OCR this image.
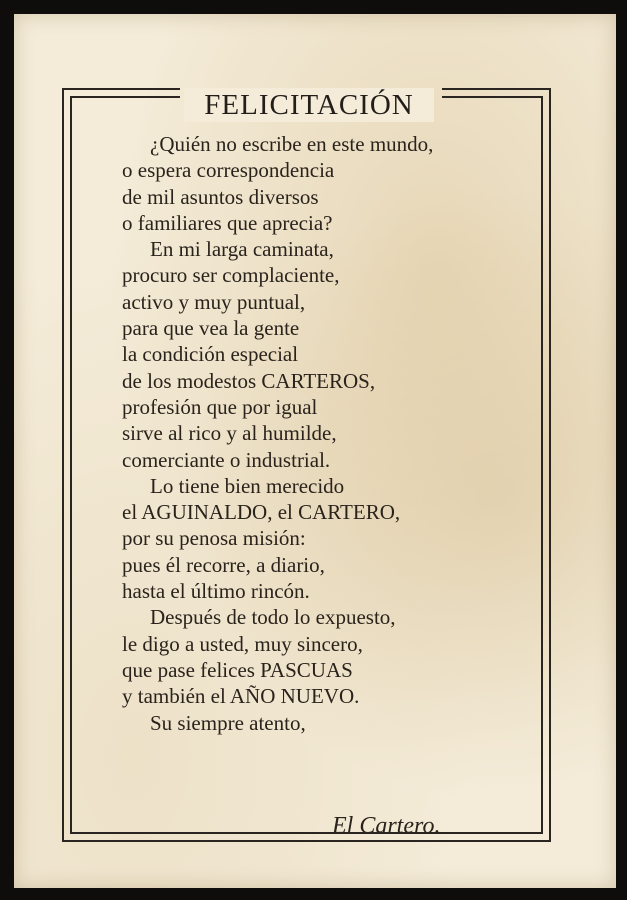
FELICITACIÓN
¿Quién no escribe en este mundo,
o espera correspondencia
de mil asuntos diversos
o familiares que aprecia?
En mi larga caminata,
procuro ser complaciente,
activo y muy puntual,
para que vea la gente
la condición especial
de los modestos CARTEROS,
profesión que por igual
sirve al rico y al humilde,
comerciante o industrial.
Lo tiene bien merecido
el AGUINALDO, el CARTERO,
por su penosa misión:
pues él recorre, a diario,
hasta el último rincón.
Después de todo lo expuesto,
le digo a usted, muy sincero,
que pase felices PASCUAS
y también el AÑO NUEVO.
Su siempre atento,
El Cartero.
